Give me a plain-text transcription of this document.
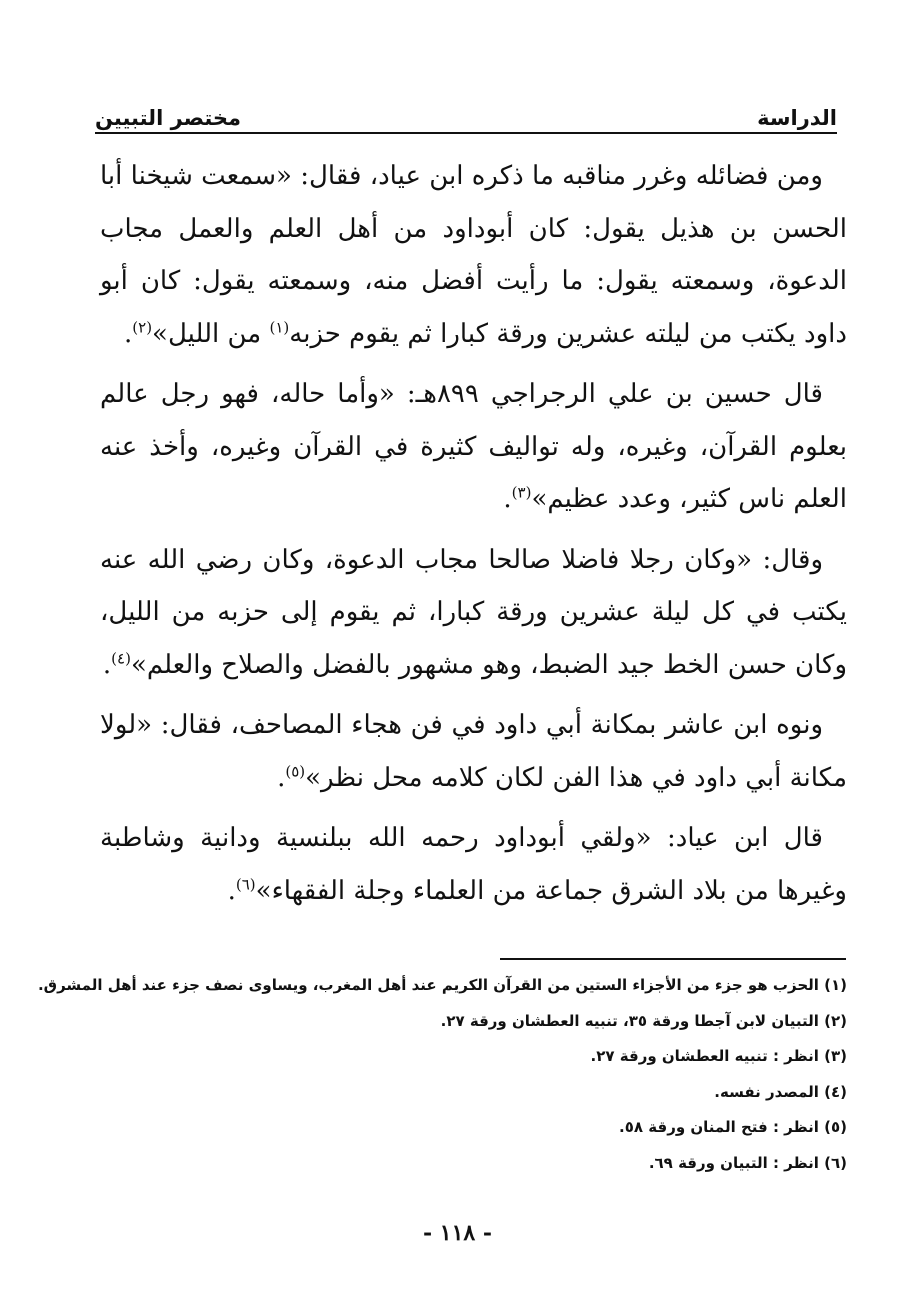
الدراسة
مختصر التبيين

ومن فضائله وغرر مناقبه ما ذكره ابن عياد، فقال: «سمعت شيخنا أبا الحسن بن هذيل يقول: كان أبوداود من أهل العلم والعمل مجاب الدعوة، وسمعته يقول: ما رأيت أفضل منه، وسمعته يقول: كان أبو داود يكتب من ليلته عشرين ورقة كبارا ثم يقوم حزبه$^{(١)}$ من الليل»$^{(٢)}$.

قال حسين بن علي الرجراجي ٨٩٩هـ: «وأما حاله، فهو رجل عالم بعلوم القرآن، وغيره، وله تواليف كثيرة في القرآن وغيره، وأخذ عنه العلم ناس كثير، وعدد عظيم»$^{(٣)}$.

وقال: «وكان رجلا فاضلا صالحا مجاب الدعوة، وكان رضي الله عنه يكتب في كل ليلة عشرين ورقة كبارا، ثم يقوم إلى حزبه من الليل، وكان حسن الخط جيد الضبط، وهو مشهور بالفضل والصلاح والعلم»$^{(٤)}$.

ونوه ابن عاشر بمكانة أبي داود في فن هجاء المصاحف، فقال: «لولا مكانة أبي داود في هذا الفن لكان كلامه محل نظر»$^{(٥)}$.

قال ابن عياد: «ولقي أبوداود رحمه الله ببلنسية ودانية وشاطبة وغيرها من بلاد الشرق جماعة من العلماء وجلة الفقهاء»$^{(٦)}$.

(١) الحزب هو جزء من الأجزاء الستين من القرآن الكريم عند أهل المغرب، ويساوى نصف جزء عند أهل المشرق.
(٢) التبيان لابن آجطا ورقة ٣٥، تنبيه العطشان ورقة ٢٧.
(٣) انظر : تنبيه العطشان ورقة ٢٧.
(٤) المصدر نفسه.
(٥) انظر : فتح المنان ورقة ٥٨.
(٦) انظر : التبيان ورقة ٦٩.
- ١١٨ -
